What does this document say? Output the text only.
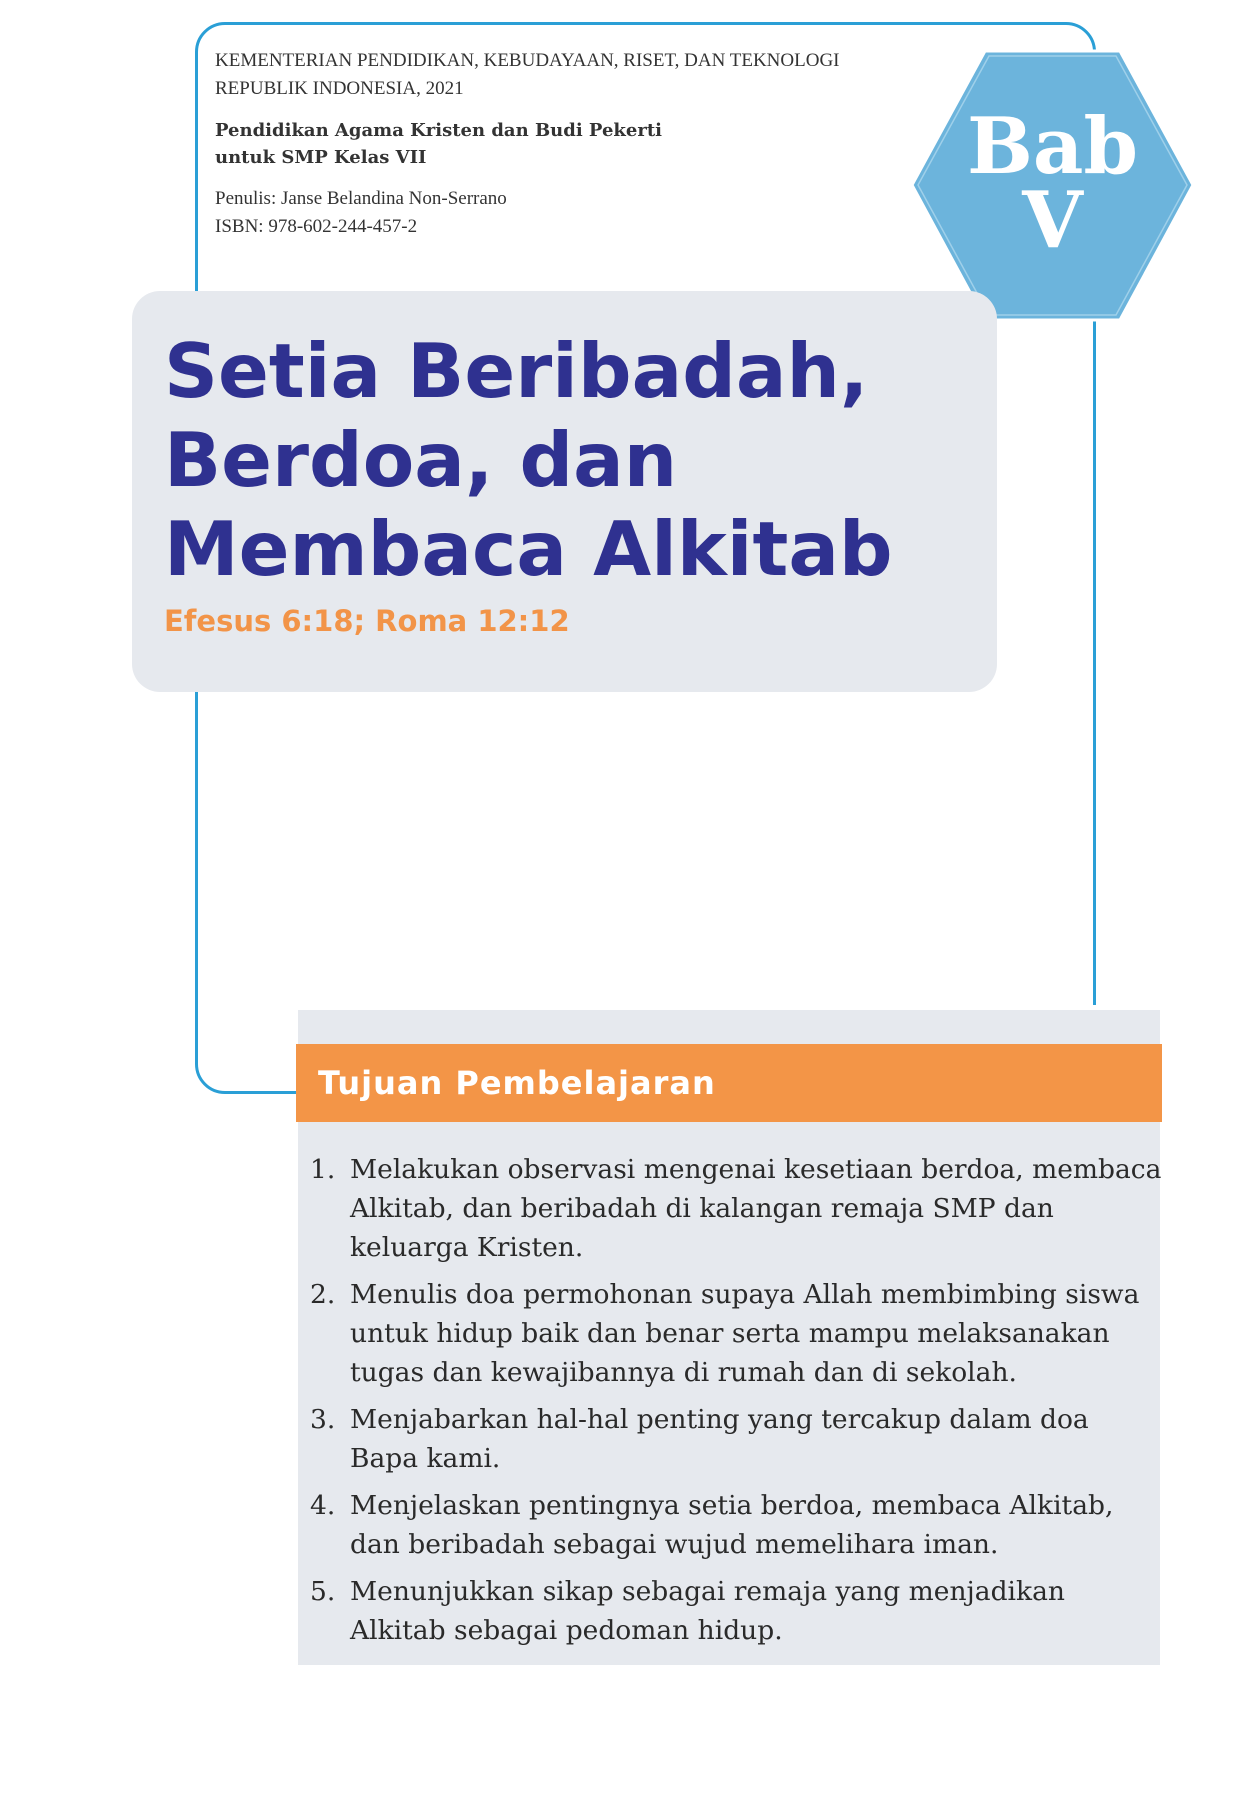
KEMENTERIAN PENDIDIKAN, KEBUDAYAAN, RISET, DAN TEKNOLOGI REPUBLIK INDONESIA, 2021
Pendidikan Agama Kristen dan Budi Pekerti untuk SMP Kelas VII
Penulis: Janse Belandina Non-Serrano
ISBN: 978-602-244-457-2
Bab
V
Setia Beribadah,
Berdoa, dan
Membaca Alkitab
Efesus 6:18; Roma 12:12
Tujuan Pembelajaran
1. Melakukan observasi mengenai kesetiaan berdoa, membaca Alkitab, dan beribadah di kalangan remaja SMP dan keluarga Kristen.
2. Menulis doa permohonan supaya Allah membimbing siswa untuk hidup baik dan benar serta mampu melaksanakan tugas dan kewajibannya di rumah dan di sekolah.
3. Menjabarkan hal-hal penting yang tercakup dalam doa Bapa kami.
4. Menjelaskan pentingnya setia berdoa, membaca Alkitab, dan beribadah sebagai wujud memelihara iman.
5. Menunjukkan sikap sebagai remaja yang menjadikan Alkitab sebagai pedoman hidup.
